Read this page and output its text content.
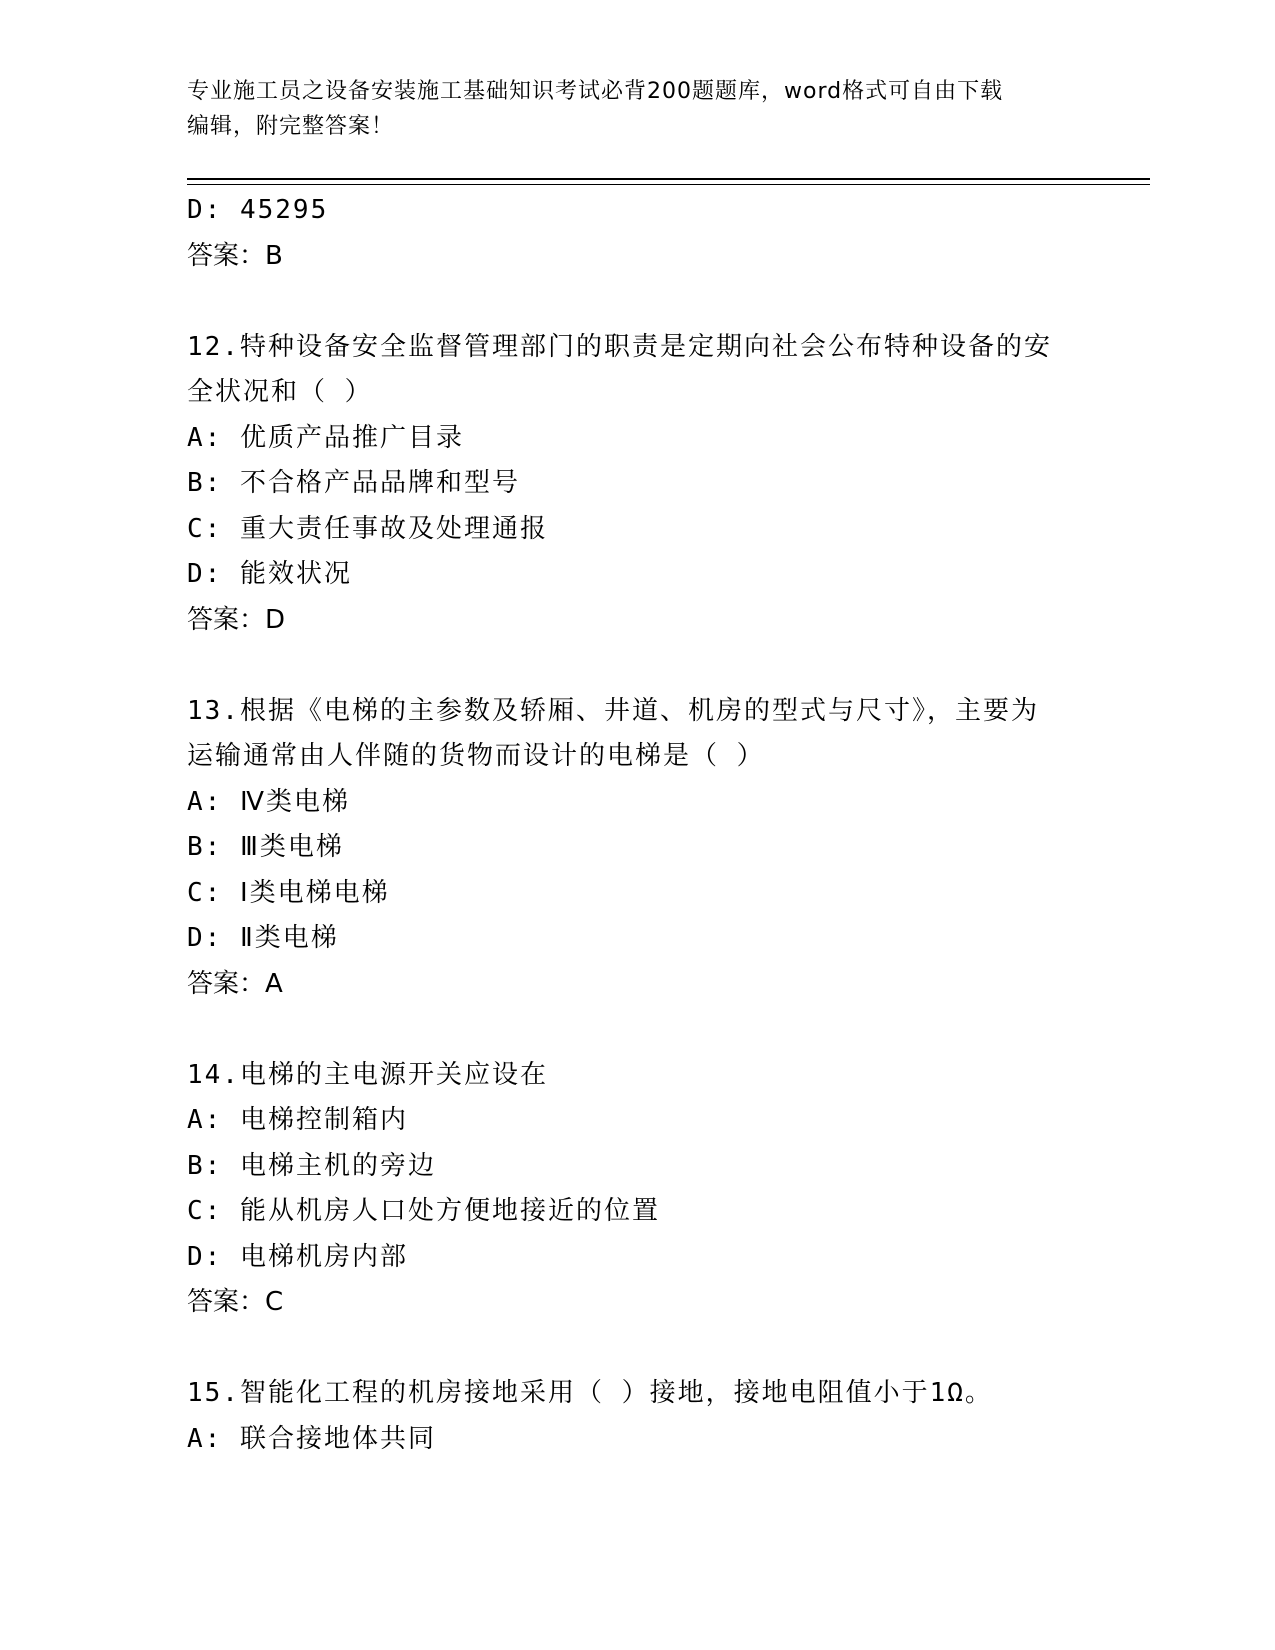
专业施工员之设备安装施工基础知识考试必背200题题库，word格式可自由下载
编辑，附完整答案！
D: 45295
答案：B
12.特种设备安全监督管理部门的职责是定期向社会公布特种设备的安
全状况和（ ）
A: 优质产品推广目录
B: 不合格产品品牌和型号
C: 重大责任事故及处理通报
D: 能效状况
答案：D
13.根据《电梯的主参数及轿厢、井道、机房的型式与尺寸》，主要为
运输通常由人伴随的货物而设计的电梯是（ ）
A: Ⅳ类电梯
B: Ⅲ类电梯
C: Ⅰ类电梯电梯
D: Ⅱ类电梯
答案：A
14.电梯的主电源开关应设在
A: 电梯控制箱内
B: 电梯主机的旁边
C: 能从机房人口处方便地接近的位置
D: 电梯机房内部
答案：C
15.智能化工程的机房接地采用（ ）接地，接地电阻值小于1Ω。
A: 联合接地体共同
